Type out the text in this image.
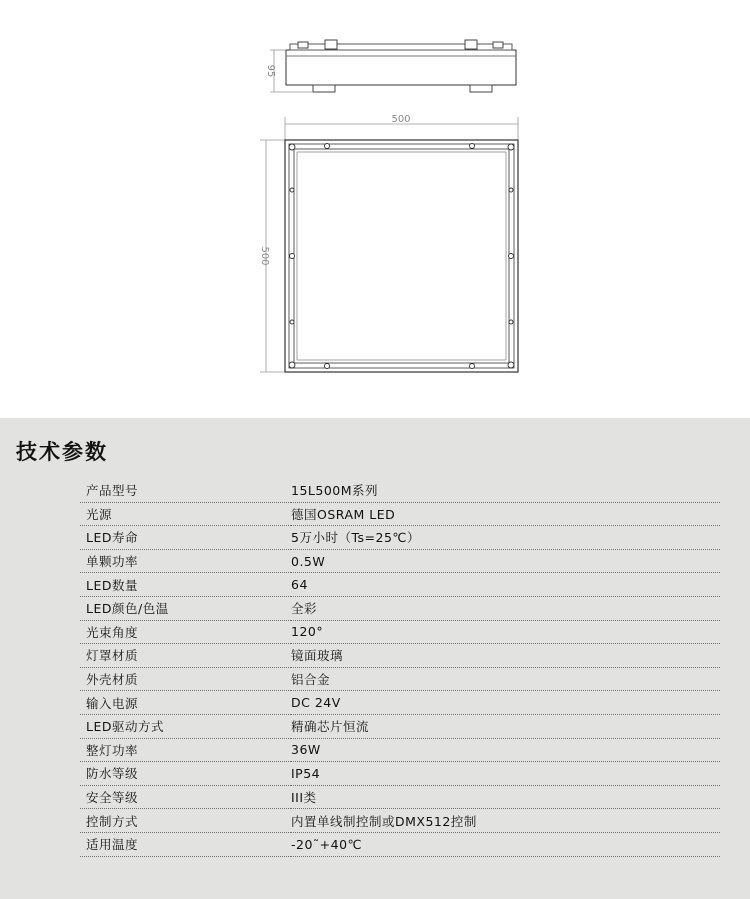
95
500
500
技术参数
产品型号	15L500M系列
光源	德国OSRAM LED
LED寿命	5万小时（Ts=25℃）
单颗功率	0.5W
LED数量	64
LED颜色/色温	全彩
光束角度	120°
灯罩材质	镜面玻璃
外壳材质	铝合金
输入电源	DC 24V
LED驱动方式	精确芯片恒流
整灯功率	36W
防水等级	IP54
安全等级	III类
控制方式	内置单线制控制或DMX512控制
适用温度	-20˜+40℃
